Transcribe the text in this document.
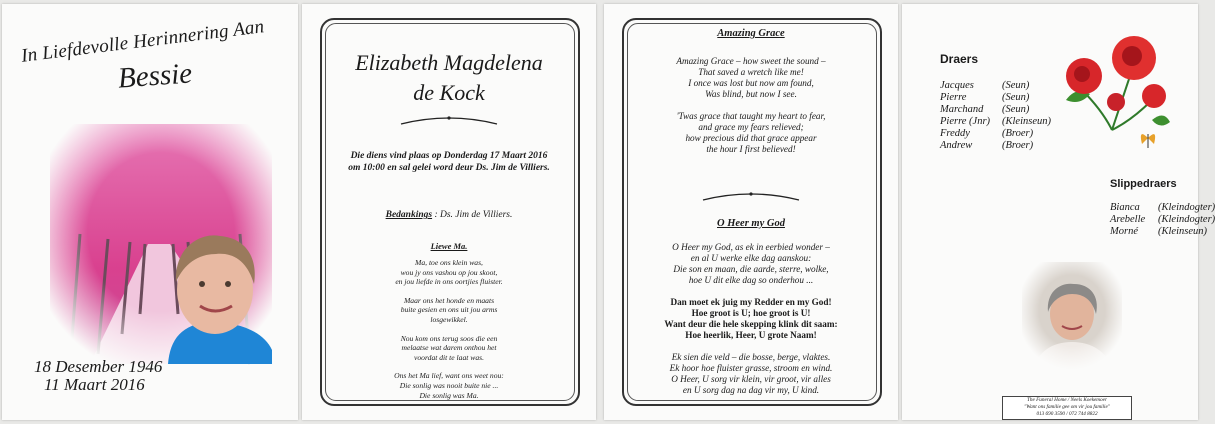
In Liefdevolle Herinnering Aan
Bessie
18 Desember 1946
11 Maart 2016
Elizabeth Magdelena
de Kock
Die diens vind plaas op Donderdag 17 Maart 2016
om 10:00 en sal gelei word deur Ds. Jim de Villiers.
Bedankings : Ds. Jim de Villiers.
Liewe Ma.
Ma, toe ons klein was,
wou jy ons vashou op jou skoot,
en jou liefde in ons oortjies fluister.
Maar ons het honde en maats
buite gesien en ons uit jou arms
losgewikkel.
Nou kom ons terug soos die een
melaatse wat darem onthou het
voordat dit te laat was.
Ons het Ma lief, want ons weet nou:
Die sonlig was nooit buite nie ...
Die sonlig was Ma.
Amazing Grace
Amazing Grace – how sweet the sound –
That saved a wretch like me!
I once was lost but now am found,
Was blind, but now I see.
'Twas grace that taught my heart to fear,
and grace my fears relieved;
how precious did that grace appear
the hour I first believed!
O Heer my God
O Heer my God, as ek in eerbied wonder –
en al U werke elke dag aanskou:
Die son en maan, die aarde, sterre, wolke,
hoe U dit elke dag so onderhou ...
Dan moet ek juig my Redder en my God!
Hoe groot is U; hoe groot is U!
Want deur die hele skepping klink dit saam:
Hoe heerlik, Heer, U grote Naam!
Ek sien die veld – die bosse, berge, vlaktes.
Ek hoor hoe fluister grasse, stroom en wind.
O Heer, U sorg vir klein, vir groot, vir alles
en U sorg dag na dag vir my, U kind.
Draers
Jacques	(Seun)
Pierre	(Seun)
Marchand	(Seun)
Pierre (Jnr)	(Kleinseun)
Freddy	(Broer)
Andrew	(Broer)
Slippedraers
Bianca	(Kleindogter)
Arebelle	(Kleindogter)
Morné	(Kleinseun)
The Funeral Home / Neels Koekemoer
"Want ons familie gee om vir jou familie"
013 690 3590 / 072 744 8822
